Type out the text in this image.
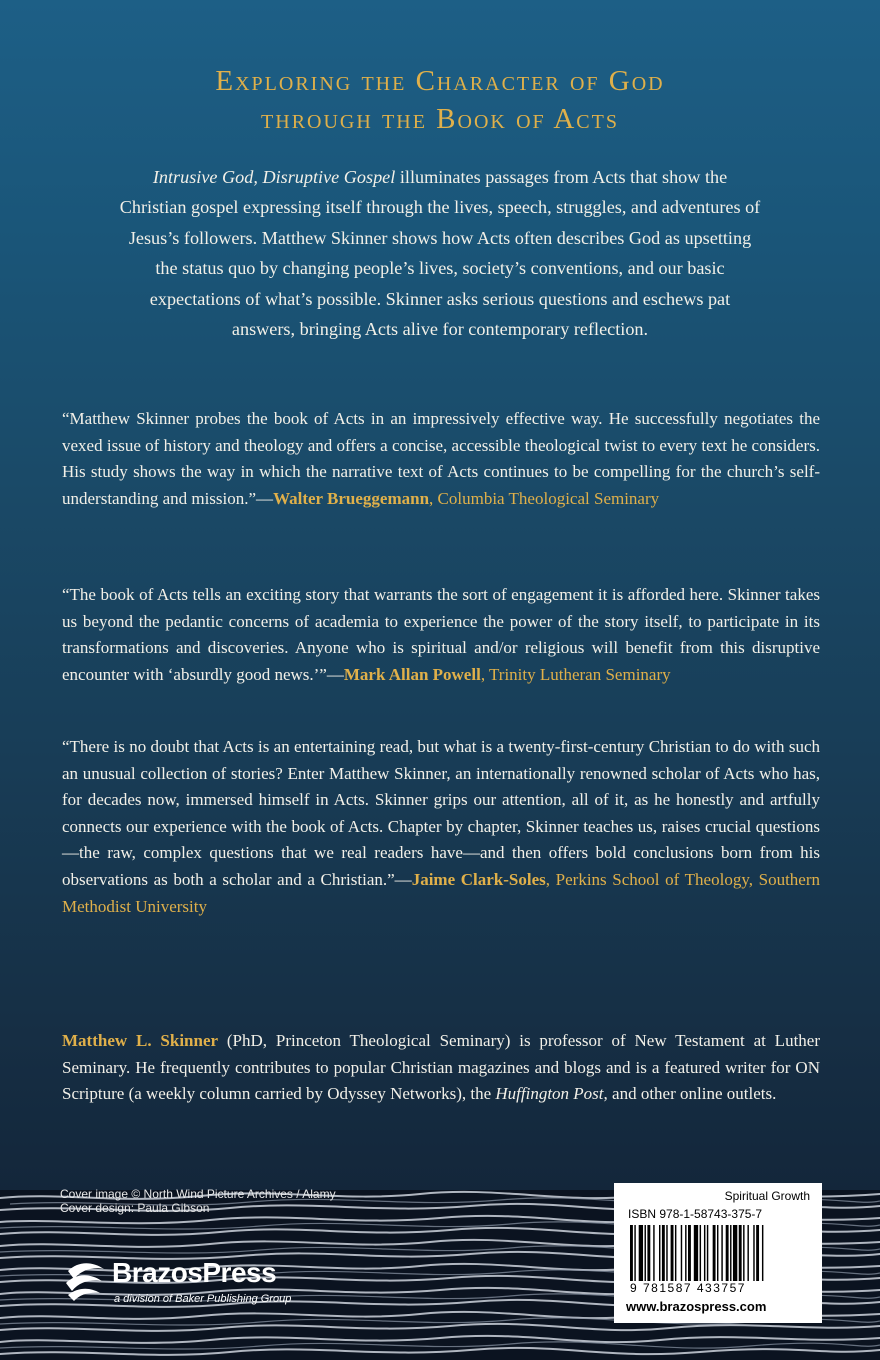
Exploring the Character of God
through the Book of Acts
Intrusive God, Disruptive Gospel illuminates passages from Acts that show the Christian gospel expressing itself through the lives, speech, struggles, and adventures of Jesus’s followers. Matthew Skinner shows how Acts often describes God as upsetting the status quo by changing people’s lives, society’s conventions, and our basic expectations of what’s possible. Skinner asks serious questions and eschews pat answers, bringing Acts alive for contemporary reflection.
“Matthew Skinner probes the book of Acts in an impressively effective way. He successfully negotiates the vexed issue of history and theology and offers a concise, accessible theological twist to every text he considers. His study shows the way in which the narrative text of Acts continues to be compelling for the church’s self-understanding and mission.”—Walter Brueggemann, Columbia Theological Seminary
“The book of Acts tells an exciting story that warrants the sort of engagement it is afforded here. Skinner takes us beyond the pedantic concerns of academia to experience the power of the story itself, to participate in its transformations and discoveries. Anyone who is spiritual and/or religious will benefit from this disruptive encounter with ‘absurdly good news.’”—Mark Allan Powell, Trinity Lutheran Seminary
“There is no doubt that Acts is an entertaining read, but what is a twenty-first-century Christian to do with such an unusual collection of stories? Enter Matthew Skinner, an internationally renowned scholar of Acts who has, for decades now, immersed himself in Acts. Skinner grips our attention, all of it, as he honestly and artfully connects our experience with the book of Acts. Chapter by chapter, Skinner teaches us, raises crucial questions—the raw, complex questions that we real readers have—and then offers bold conclusions born from his observations as both a scholar and a Christian.”—Jaime Clark-Soles, Perkins School of Theology, Southern Methodist University
Matthew L. Skinner (PhD, Princeton Theological Seminary) is professor of New Testament at Luther Seminary. He frequently contributes to popular Christian magazines and blogs and is a featured writer for ON Scripture (a weekly column carried by Odyssey Networks), the Huffington Post, and other online outlets.
Cover image © North Wind Picture Archives / Alamy
Cover design: Paula Gibson
BrazosPress
a division of Baker Publishing Group
Spiritual Growth
ISBN 978-1-58743-375-7
9 781587 433757
www.brazospress.com
